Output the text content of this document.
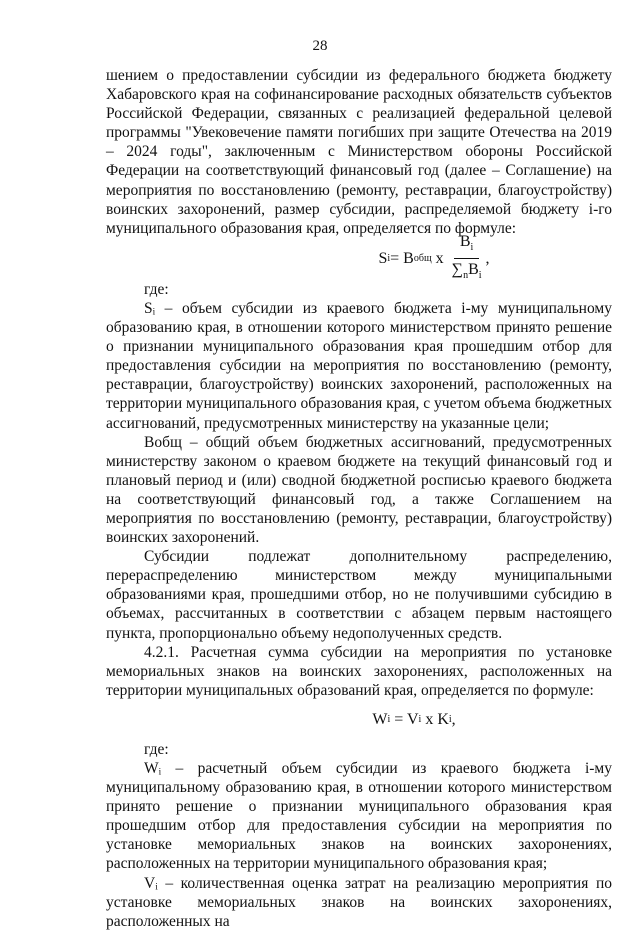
28

шением о предоставлении субсидии из федерального бюджета бюджету Хабаровского края на софинансирование расходных обязательств субъектов Российской Федерации, связанных с реализацией федеральной целевой программы "Увековечение памяти погибших при защите Отечества на 2019 – 2024 годы", заключенным с Министерством обороны Российской Федерации на соответствующий финансовый год (далее – Соглашение) на мероприятия по восстановлению (ремонту, реставрации, благоустройству) воинских захоронений, размер субсидии, распределяемой бюджету i-го муниципального образования края, определяется по формуле:

S i = B общ x $\frac{B_i}{\sum_nB_i}$ ,

где:

Sᵢ – объем субсидии из краевого бюджета i-му муниципальному образованию края, в отношении которого министерством принято решение о признании муниципального образования края прошедшим отбор для предоставления субсидии на мероприятия по восстановлению (ремонту, реставрации, благоустройству) воинских захоронений, расположенных на территории муниципального образования края, с учетом объема бюджетных ассигнований, предусмотренных министерству на указанные цели;

Bобщ – общий объем бюджетных ассигнований, предусмотренных министерству законом о краевом бюджете на текущий финансовый год и плановый период и (или) сводной бюджетной росписью краевого бюджета на соответствующий финансовый год, а также Соглашением на мероприятия по восстановлению (ремонту, реставрации, благоустройству) воинских захоронений.

Субсидии подлежат дополнительному распределению, перераспределению министерством между муниципальными образованиями края, прошедшими отбор, но не получившими субсидию в объемах, рассчитанных в соответствии с абзацем первым настоящего пункта, пропорционально объему недополученных средств.

4.2.1. Расчетная сумма субсидии на мероприятия по установке мемориальных знаков на воинских захоронениях, расположенных на территории муниципальных образований края, определяется по формуле:

W i = V i x K i ,

где:

Wᵢ – расчетный объем субсидии из краевого бюджета i-му муниципальному образованию края, в отношении которого министерством принято решение о признании муниципального образования края прошедшим отбор для предоставления субсидии на мероприятия по установке мемориальных знаков на воинских захоронениях, расположенных на территории муниципального образования края;

Vᵢ – количественная оценка затрат на реализацию мероприятия по установке мемориальных знаков на воинских захоронениях, расположенных на
